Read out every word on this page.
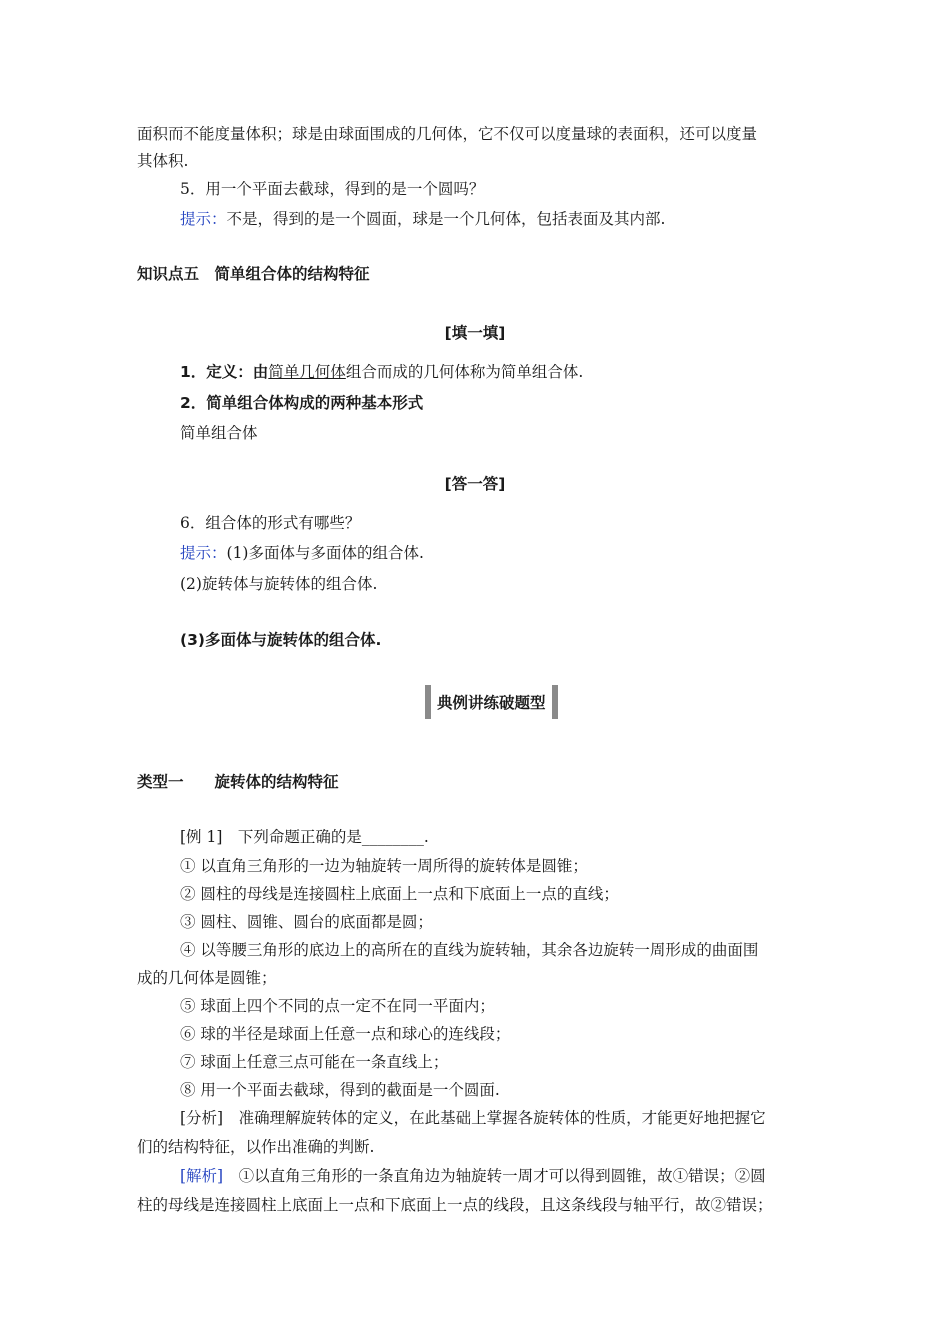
面积而不能度量体积；球是由球面围成的几何体，它不仅可以度量球的表面积，还可以度量
其体积.
5．用一个平面去截球，得到的是一个圆吗？
提示：不是，得到的是一个圆面，球是一个几何体，包括表面及其内部.
知识点五　简单组合体的结构特征
[填一填]
1．定义：由简单几何体组合而成的几何体称为简单组合体.
2．简单组合体构成的两种基本形式
简单组合体
[答一答]
6．组合体的形式有哪些？
提示：(1)多面体与多面体的组合体.
(2)旋转体与旋转体的组合体.
(3)多面体与旋转体的组合体.
典例讲练破题型
类型一　　旋转体的结构特征
[例 1]　下列命题正确的是________.
① 以直角三角形的一边为轴旋转一周所得的旋转体是圆锥；
② 圆柱的母线是连接圆柱上底面上一点和下底面上一点的直线；
③ 圆柱、圆锥、圆台的底面都是圆；
④ 以等腰三角形的底边上的高所在的直线为旋转轴，其余各边旋转一周形成的曲面围
成的几何体是圆锥；
⑤ 球面上四个不同的点一定不在同一平面内；
⑥ 球的半径是球面上任意一点和球心的连线段；
⑦ 球面上任意三点可能在一条直线上；
⑧ 用一个平面去截球，得到的截面是一个圆面.
[分析]　准确理解旋转体的定义，在此基础上掌握各旋转体的性质，才能更好地把握它
们的结构特征，以作出准确的判断.
[解析]　①以直角三角形的一条直角边为轴旋转一周才可以得到圆锥，故①错误；②圆
柱的母线是连接圆柱上底面上一点和下底面上一点的线段，且这条线段与轴平行，故②错误；
